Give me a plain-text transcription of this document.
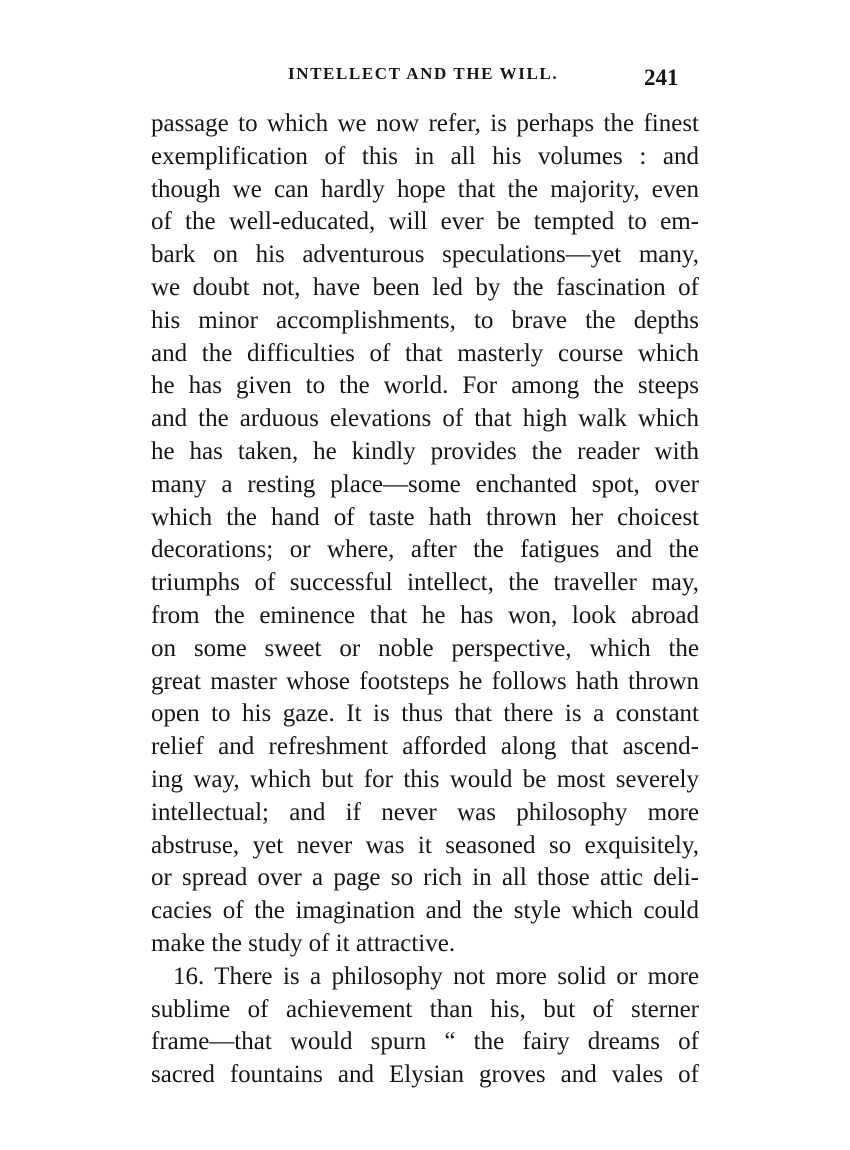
INTELLECT AND THE WILL.	241
passage to which we now refer, is perhaps the finest
exemplification of this in all his volumes : and
though we can hardly hope that the majority, even
of the well-educated, will ever be tempted to em-
bark on his adventurous speculations—yet many,
we doubt not, have been led by the fascination of
his minor accomplishments, to brave the depths
and the difficulties of that masterly course which
he has given to the world. For among the steeps
and the arduous elevations of that high walk which
he has taken, he kindly provides the reader with
many a resting place—some enchanted spot, over
which the hand of taste hath thrown her choicest
decorations; or where, after the fatigues and the
triumphs of successful intellect, the traveller may,
from the eminence that he has won, look abroad
on some sweet or noble perspective, which the
great master whose footsteps he follows hath thrown
open to his gaze. It is thus that there is a constant
relief and refreshment afforded along that ascend-
ing way, which but for this would be most severely
intellectual; and if never was philosophy more
abstruse, yet never was it seasoned so exquisitely,
or spread over a page so rich in all those attic deli-
cacies of the imagination and the style which could
make the study of it attractive.
16. There is a philosophy not more solid or more
sublime of achievement than his, but of sterner
frame—that would spurn “ the fairy dreams of
sacred fountains and Elysian groves and vales of
